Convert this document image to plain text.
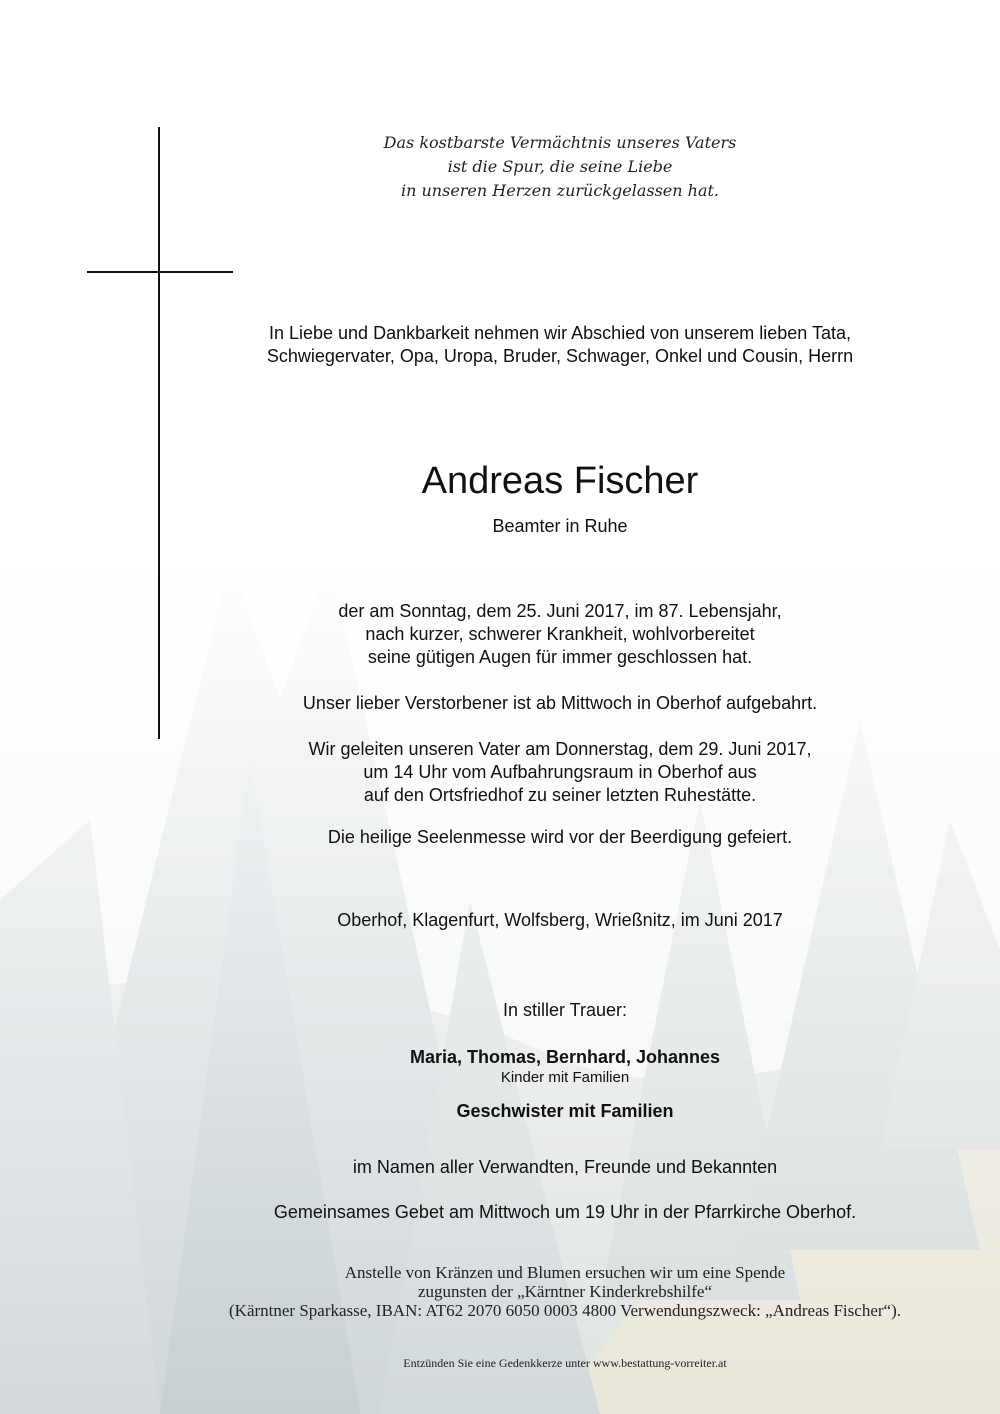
Das kostbarste Vermächtnis unseres Vaters
ist die Spur, die seine Liebe
in unseren Herzen zurückgelassen hat.
In Liebe und Dankbarkeit nehmen wir Abschied von unserem lieben Tata,
Schwiegervater, Opa, Uropa, Bruder, Schwager, Onkel und Cousin, Herrn
Andreas Fischer
Beamter in Ruhe
der am Sonntag, dem 25. Juni 2017, im 87. Lebensjahr,
nach kurzer, schwerer Krankheit, wohlvorbereitet
seine gütigen Augen für immer geschlossen hat.
Unser lieber Verstorbener ist ab Mittwoch in Oberhof aufgebahrt.
Wir geleiten unseren Vater am Donnerstag, dem 29. Juni 2017,
um 14 Uhr vom Aufbahrungsraum in Oberhof aus
auf den Ortsfriedhof zu seiner letzten Ruhestätte.
Die heilige Seelenmesse wird vor der Beerdigung gefeiert.
Oberhof, Klagenfurt, Wolfsberg, Wrießnitz, im Juni 2017
In stiller Trauer:
Maria, Thomas, Bernhard, Johannes
Kinder mit Familien
Geschwister mit Familien
im Namen aller Verwandten, Freunde und Bekannten
Gemeinsames Gebet am Mittwoch um 19 Uhr in der Pfarrkirche Oberhof.
Anstelle von Kränzen und Blumen ersuchen wir um eine Spende
zugunsten der „Kärntner Kinderkrebshilfe“
(Kärntner Sparkasse, IBAN: AT62 2070 6050 0003 4800 Verwendungszweck: „Andreas Fischer“).
Entzünden Sie eine Gedenkkerze unter www.bestattung-vorreiter.at
